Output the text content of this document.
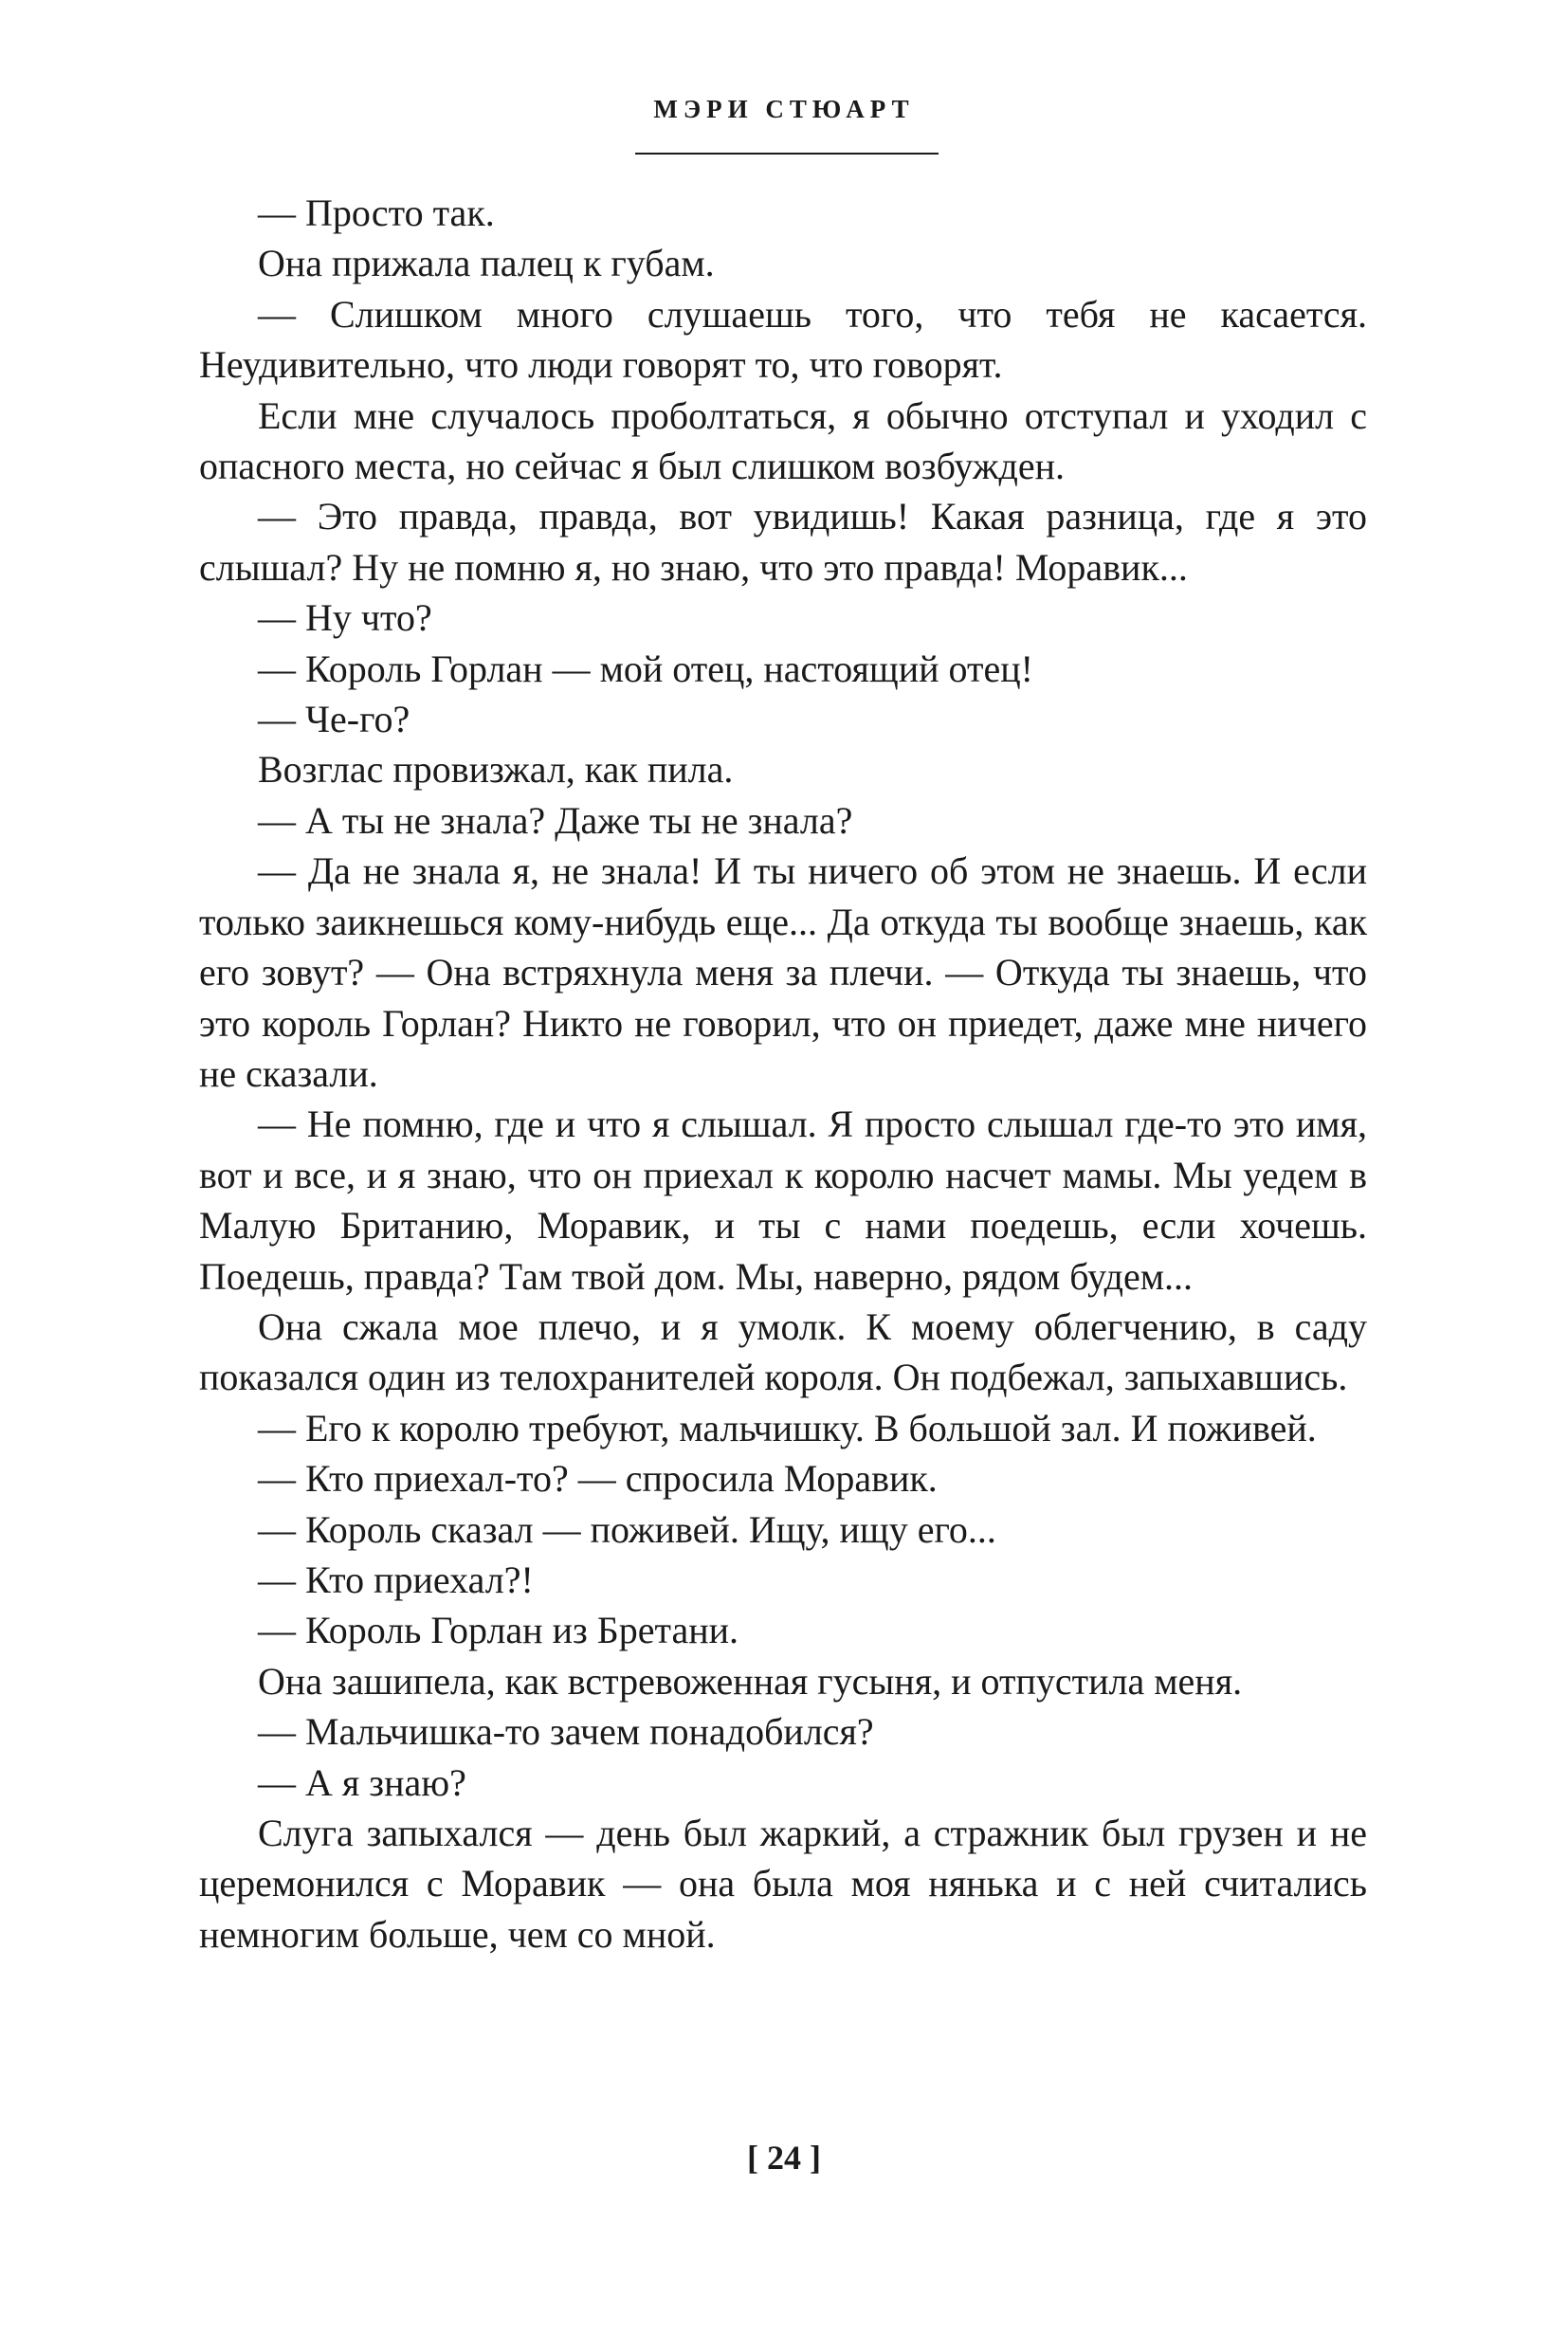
МЭРИ СТЮАРТ

— Просто так.

Она прижала палец к губам.

— Слишком много слушаешь того, что тебя не касается. Неудивительно, что люди говорят то, что говорят.

Если мне случалось проболтаться, я обычно отступал и уходил с опасного места, но сейчас я был слишком возбужден.

— Это правда, правда, вот увидишь! Какая разница, где я это слышал? Ну не помню я, но знаю, что это правда! Моравик...

— Ну что?

— Король Горлан — мой отец, настоящий отец!

— Че-го?

Возглас провизжал, как пила.

— А ты не знала? Даже ты не знала?

— Да не знала я, не знала! И ты ничего об этом не знаешь. И если только заикнешься кому-нибудь еще... Да откуда ты вообще знаешь, как его зовут? — Она встряхнула меня за плечи. — Откуда ты знаешь, что это король Горлан? Никто не говорил, что он приедет, даже мне ничего не сказали.

— Не помню, где и что я слышал. Я просто слышал где-то это имя, вот и все, и я знаю, что он приехал к королю насчет мамы. Мы уедем в Малую Британию, Моравик, и ты с нами поедешь, если хочешь. Поедешь, правда? Там твой дом. Мы, наверно, рядом будем...

Она сжала мое плечо, и я умолк. К моему облегчению, в саду показался один из телохранителей короля. Он подбежал, запыхавшись.

— Его к королю требуют, мальчишку. В большой зал. И поживей.

— Кто приехал-то? — спросила Моравик.

— Король сказал — поживей. Ищу, ищу его...

— Кто приехал?!

— Король Горлан из Бретани.

Она зашипела, как встревоженная гусыня, и отпустила меня.

— Мальчишка-то зачем понадобился?

— А я знаю?

Слуга запыхался — день был жаркий, а стражник был грузен и не церемонился с Моравик — она была моя нянька и с ней считались немногим больше, чем со мной.

[ 24 ]
